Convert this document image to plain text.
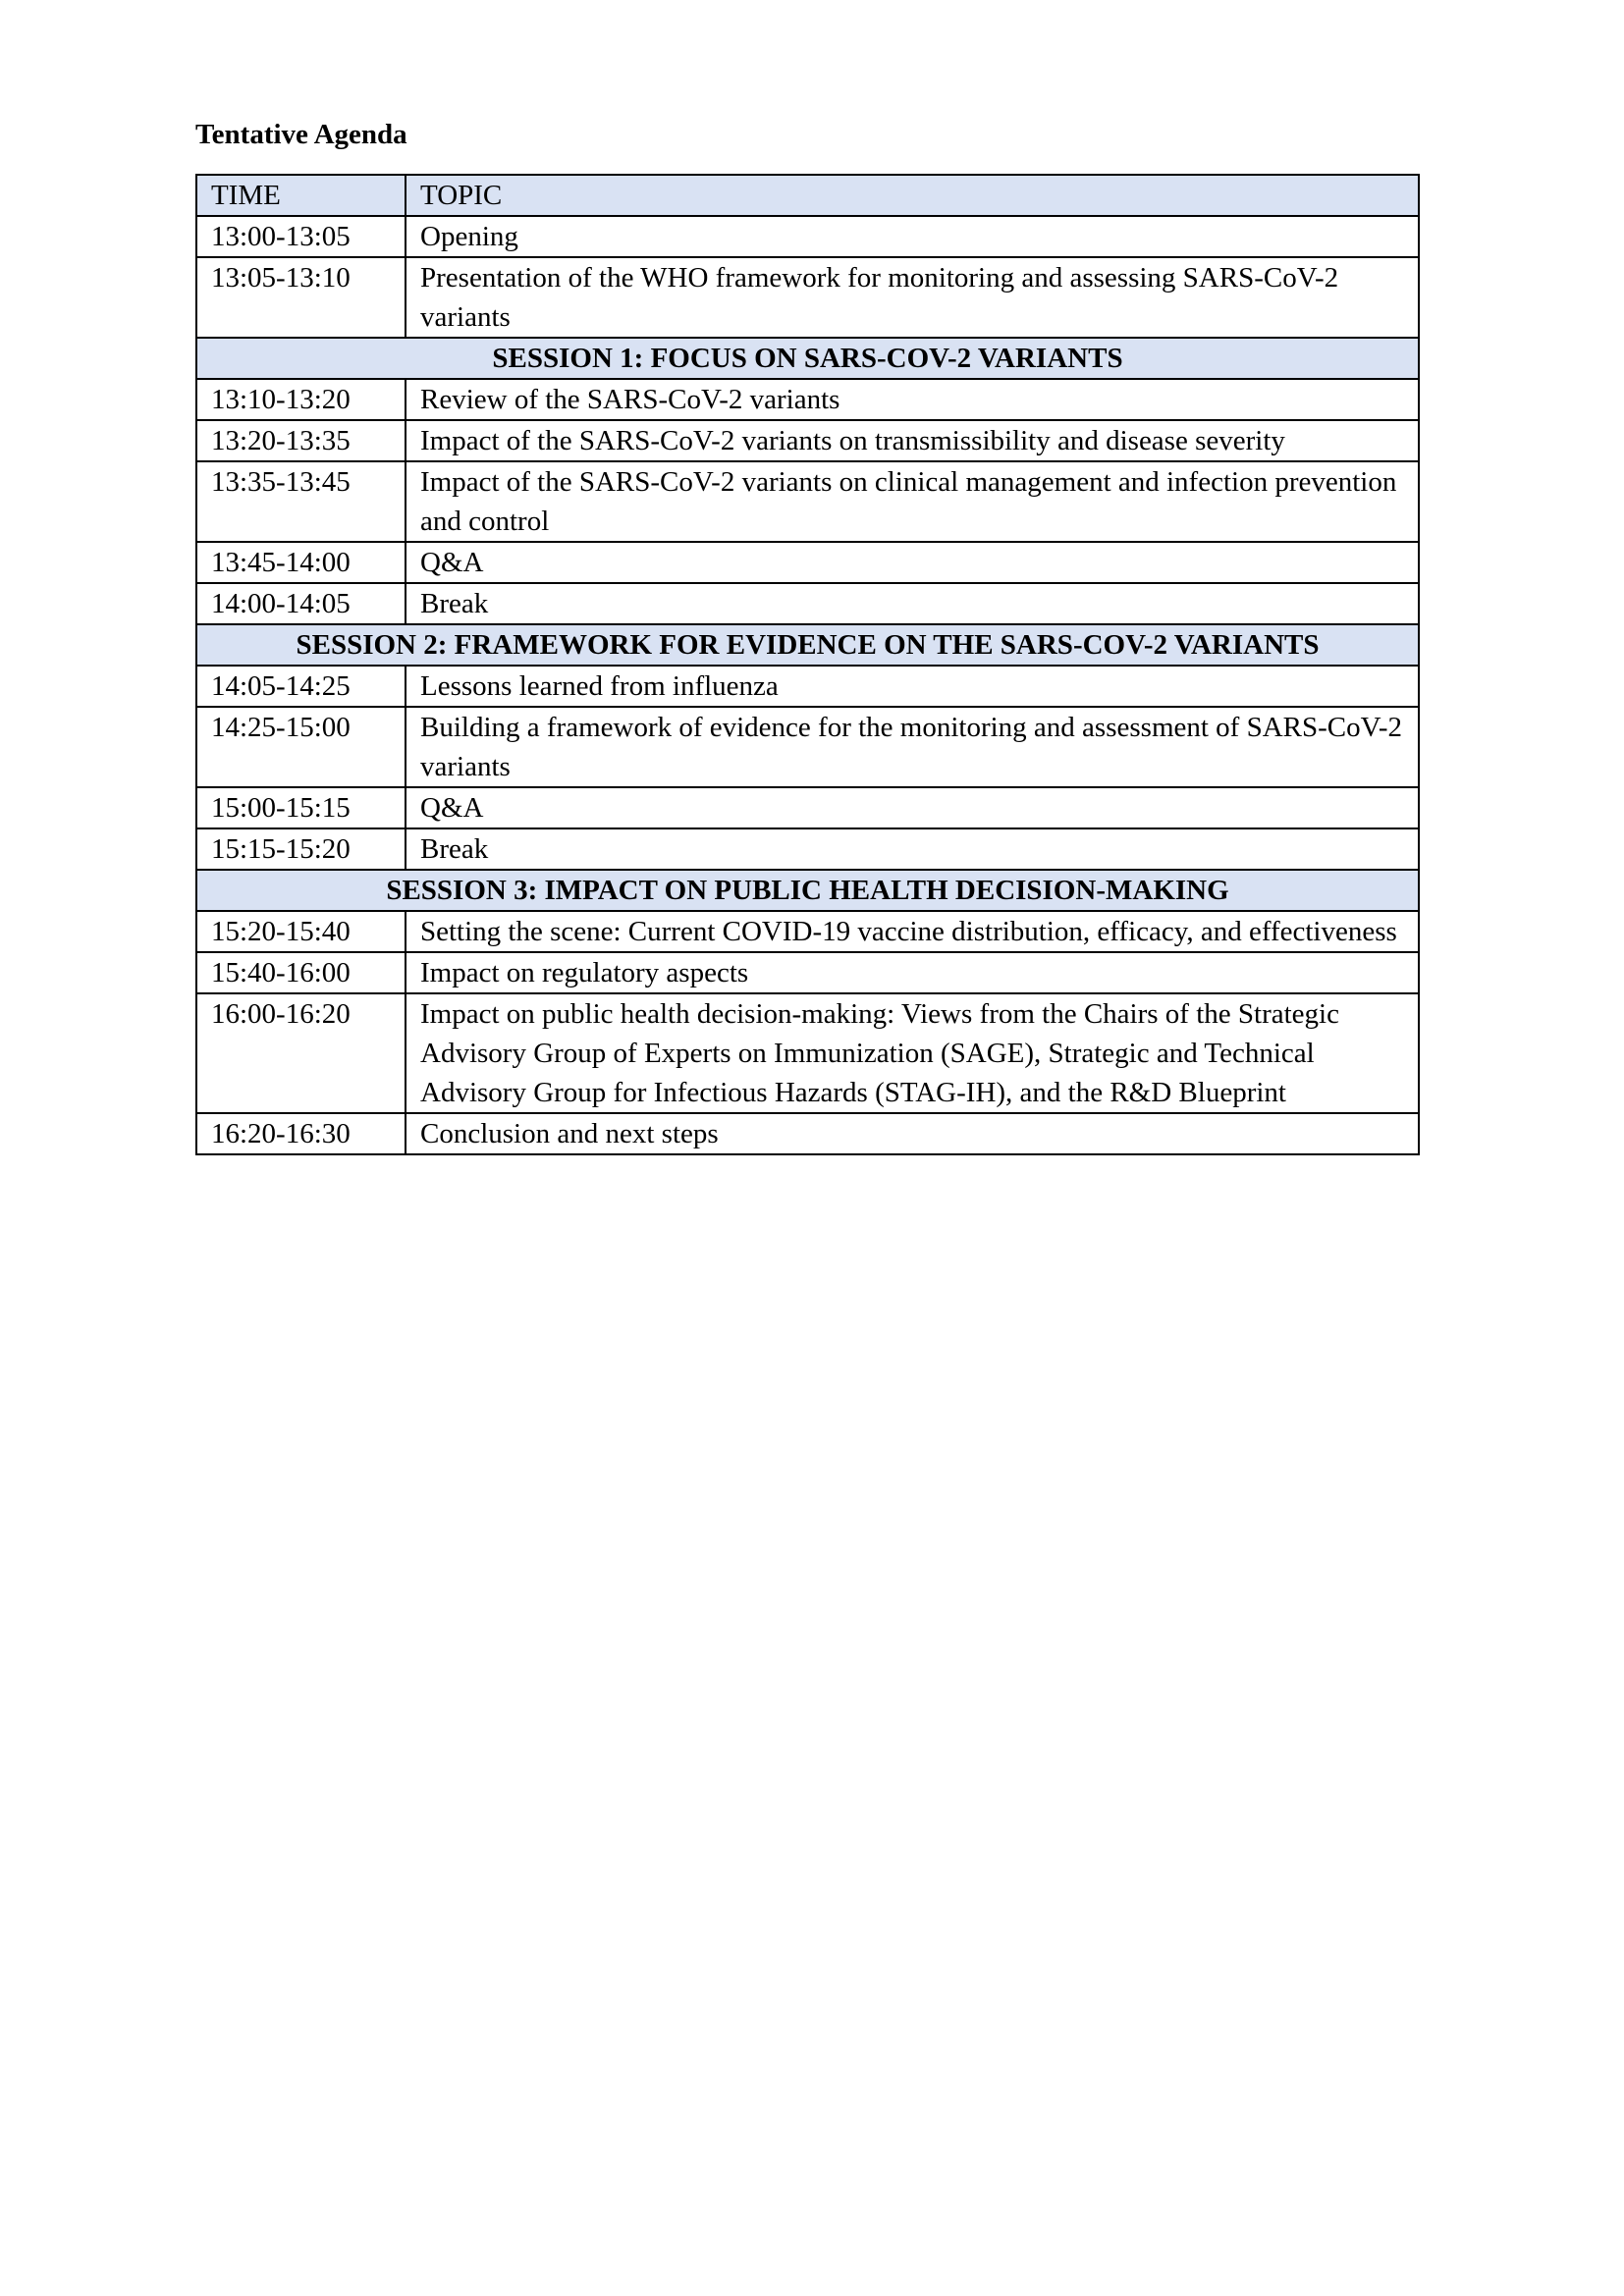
Tentative Agenda
TIME	TOPIC
13:00-13:05	Opening
13:05-13:10	Presentation of the WHO framework for monitoring and assessing SARS-CoV-2 variants
SESSION 1: FOCUS ON SARS-COV-2 VARIANTS	
13:10-13:20	Review of the SARS-CoV-2 variants
13:20-13:35	Impact of the SARS-CoV-2 variants on transmissibility and disease severity
13:35-13:45	Impact of the SARS-CoV-2 variants on clinical management and infection prevention and control
13:45-14:00	Q&A
14:00-14:05	Break
SESSION 2: FRAMEWORK FOR EVIDENCE ON THE SARS-COV-2 VARIANTS	
14:05-14:25	Lessons learned from influenza
14:25-15:00	Building a framework of evidence for the monitoring and assessment of SARS-CoV-2 variants
15:00-15:15	Q&A
15:15-15:20	Break
SESSION 3: IMPACT ON PUBLIC HEALTH DECISION-MAKING	
15:20-15:40	Setting the scene: Current COVID-19 vaccine distribution, efficacy, and effectiveness
15:40-16:00	Impact on regulatory aspects
16:00-16:20	Impact on public health decision-making: Views from the Chairs of the Strategic Advisory Group of Experts on Immunization (SAGE), Strategic and Technical Advisory Group for Infectious Hazards (STAG-IH), and the R&D Blueprint
16:20-16:30	Conclusion and next steps
